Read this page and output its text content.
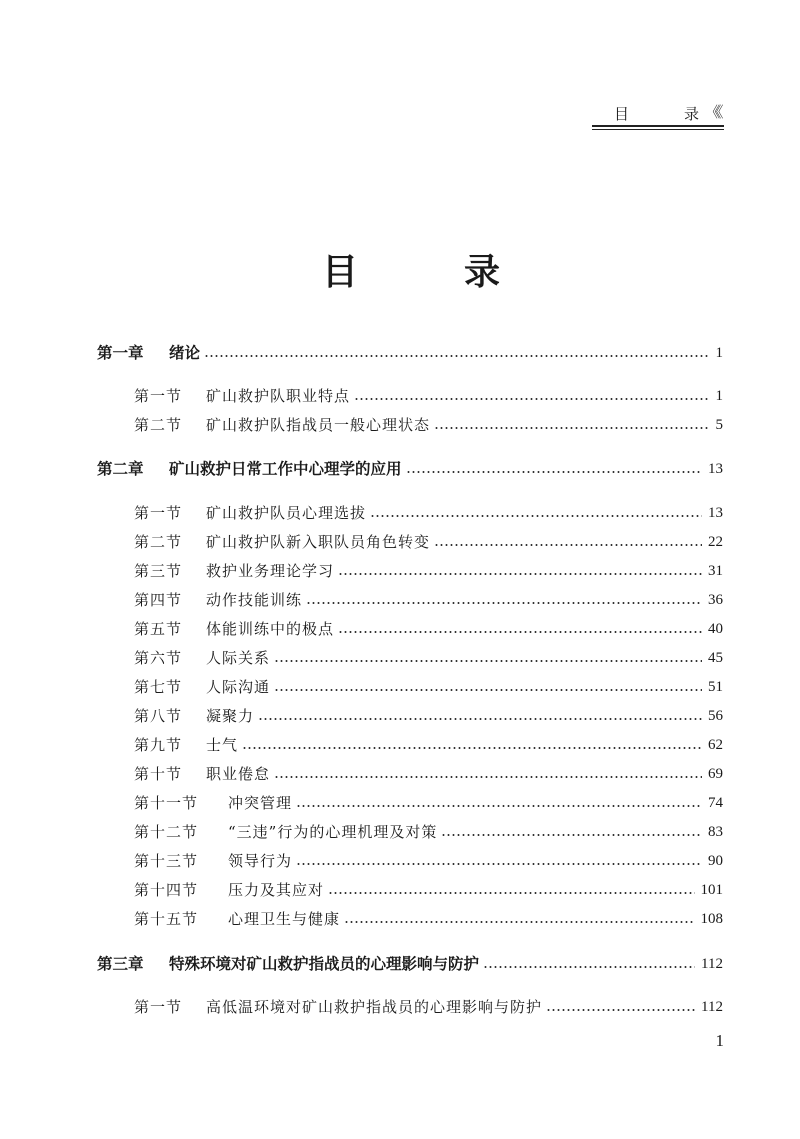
目	录 《《
目	录
第一章	绪论	1
第一节	矿山救护队职业特点	1
第二节	矿山救护队指战员一般心理状态	5
第二章	矿山救护日常工作中心理学的应用	13
第一节	矿山救护队员心理选拔	13
第二节	矿山救护队新入职队员角色转变	22
第三节	救护业务理论学习	31
第四节	动作技能训练	36
第五节	体能训练中的极点	40
第六节	人际关系	45
第七节	人际沟通	51
第八节	凝聚力	56
第九节	士气	62
第十节	职业倦怠	69
第十一节	冲突管理	74
第十二节	“三违”行为的心理机理及对策	83
第十三节	领导行为	90
第十四节	压力及其应对	101
第十五节	心理卫生与健康	108
第三章	特殊环境对矿山救护指战员的心理影响与防护	112
第一节	高低温环境对矿山救护指战员的心理影响与防护	112
1
